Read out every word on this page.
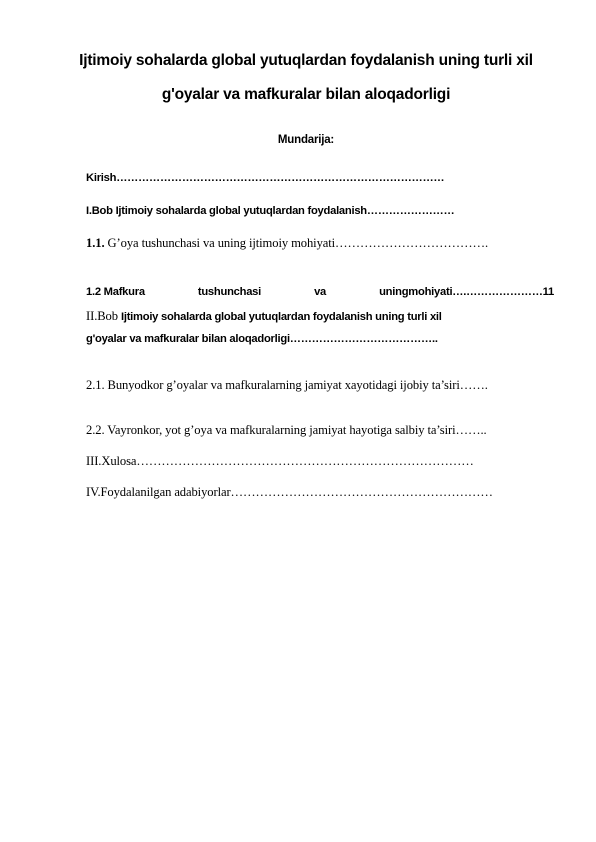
Ijtimoiy sohalarda global yutuqlardan foydalanish uning turli xil
g'oyalar va mafkuralar bilan aloqadorligi
Mundarija:
Kirish………………………………………………………………………………
I.Bob Ijtimoiy sohalarda global yutuqlardan foydalanish……………………
1.1. G’oya tushunchasi va uning ijtimoiy mohiyati……………………………….
1.2 Mafkura	tushunchasi	va	uningmohiyati….…………………11
II.Bob Ijtimoiy sohalarda global yutuqlardan foydalanish uning turli xil
g'oyalar va mafkuralar bilan aloqadorligi…………………………………..
2.1. Bunyodkor g’oyalar va mafkuralarning jamiyat xayotidagi ijobiy ta’siri…….
2.2. Vayronkor, yot g’oya va mafkuralarning jamiyat hayotiga salbiy ta’siri……..
III.Xulosa………………………………………………………………………
IV.Foydalanilgan adabiyorlar………………………………………………………
